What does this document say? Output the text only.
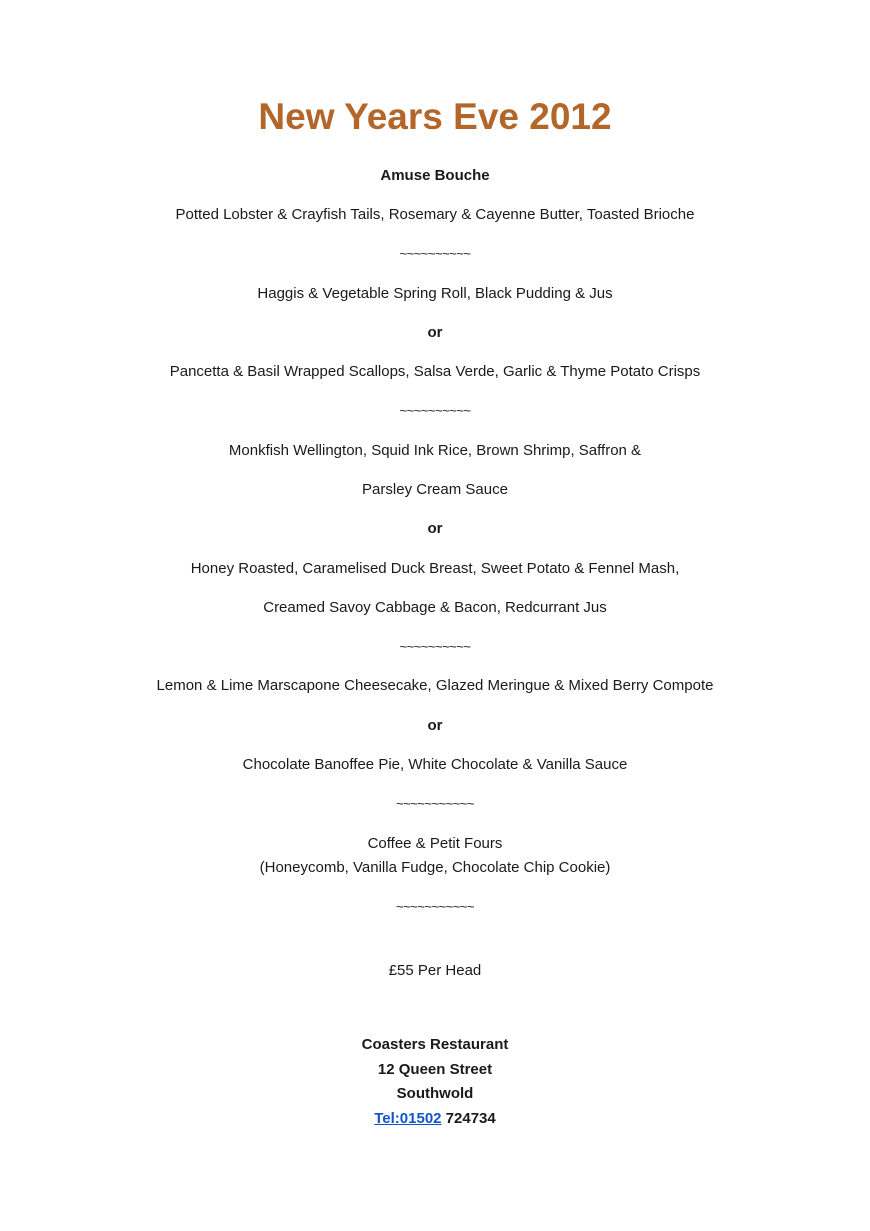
New Years Eve 2012
Amuse Bouche
Potted Lobster & Crayfish Tails, Rosemary & Cayenne Butter, Toasted Brioche
~~~~~~~~~~
Haggis & Vegetable Spring Roll, Black Pudding & Jus
or
Pancetta & Basil Wrapped Scallops, Salsa Verde, Garlic & Thyme Potato Crisps
~~~~~~~~~~
Monkfish Wellington, Squid Ink Rice, Brown Shrimp, Saffron &
Parsley Cream Sauce
or
Honey Roasted, Caramelised Duck Breast, Sweet Potato & Fennel Mash,
Creamed Savoy Cabbage & Bacon, Redcurrant Jus
~~~~~~~~~~
Lemon & Lime Marscapone Cheesecake, Glazed Meringue & Mixed Berry Compote
or
Chocolate Banoffee Pie, White Chocolate & Vanilla Sauce
~~~~~~~~~~~
Coffee & Petit Fours
(Honeycomb, Vanilla Fudge, Chocolate Chip Cookie)
~~~~~~~~~~~
£55 Per Head
Coasters Restaurant
12 Queen Street
Southwold
Tel:01502 724734
